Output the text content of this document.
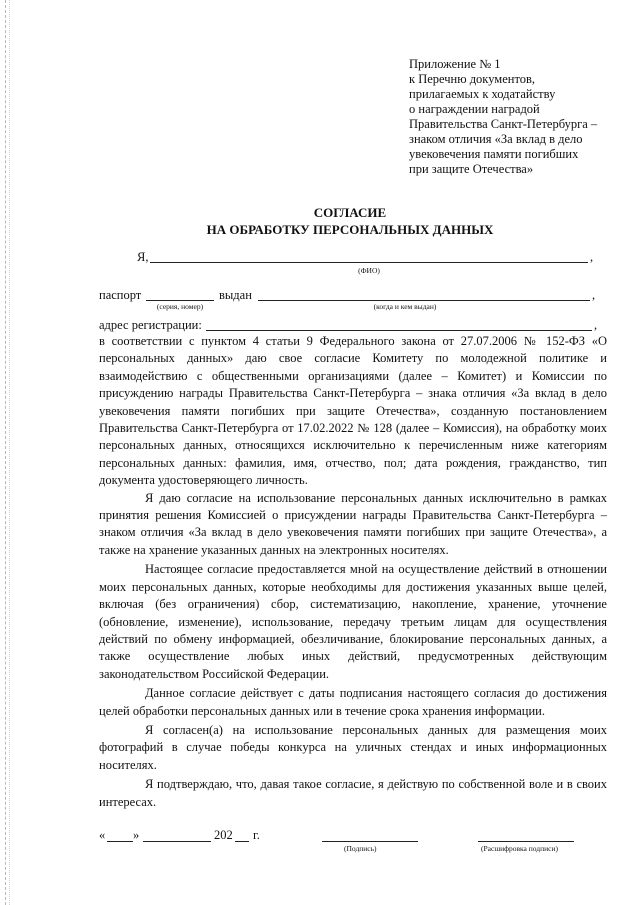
Приложение № 1
к Перечню документов,
прилагаемых к ходатайству
о награждении наградой
Правительства Санкт-Петербурга –
знаком отличия «За вклад в дело
увековечения памяти погибших
при защите Отечества»
СОГЛАСИЕ
НА ОБРАБОТКУ ПЕРСОНАЛЬНЫХ ДАННЫХ
Я,	,
(ФИО)
паспорт	выдан	,
(серия, номер)	(когда и кем выдан)
адрес регистрации:	,

в соответствии с пунктом 4 статьи 9 Федерального закона от 27.07.2006 № 152-ФЗ «О персональных данных» даю свое согласие Комитету по молодежной политике и взаимодействию с общественными организациями (далее – Комитет) и Комиссии по присуждению награды Правительства Санкт-Петербурга – знака отличия «За вклад в дело увековечения памяти погибших при защите Отечества», созданную постановлением Правительства Санкт-Петербурга от 17.02.2022 № 128 (далее – Комиссия), на обработку моих персональных данных, относящихся исключительно к перечисленным ниже категориям персональных данных: фамилия, имя, отчество, пол; дата рождения, гражданство, тип документа удостоверяющего личность.

Я даю согласие на использование персональных данных исключительно в рамках принятия решения Комиссией о присуждении награды Правительства Санкт-Петербурга – знаком отличия «За вклад в дело увековечения памяти погибших при защите Отечества», а также на хранение указанных данных на электронных носителях.

Настоящее согласие предоставляется мной на осуществление действий в отношении моих персональных данных, которые необходимы для достижения указанных выше целей, включая (без ограничения) сбор, систематизацию, накопление, хранение, уточнение (обновление, изменение), использование, передачу третьим лицам для осуществления действий по обмену информацией, обезличивание, блокирование персональных данных, а также осуществление любых иных действий, предусмотренных действующим законодательством Российской Федерации.

Данное согласие действует с даты подписания настоящего согласия до достижения целей обработки персональных данных или в течение срока хранения информации.

Я согласен(а) на использование персональных данных для размещения моих фотографий в случае победы конкурса на уличных стендах и иных информационных носителях.

Я подтверждаю, что, давая такое согласие, я действую по собственной воле и в своих интересах.

« »	202 г.
(Подпись)	(Расшифровка подписи)
